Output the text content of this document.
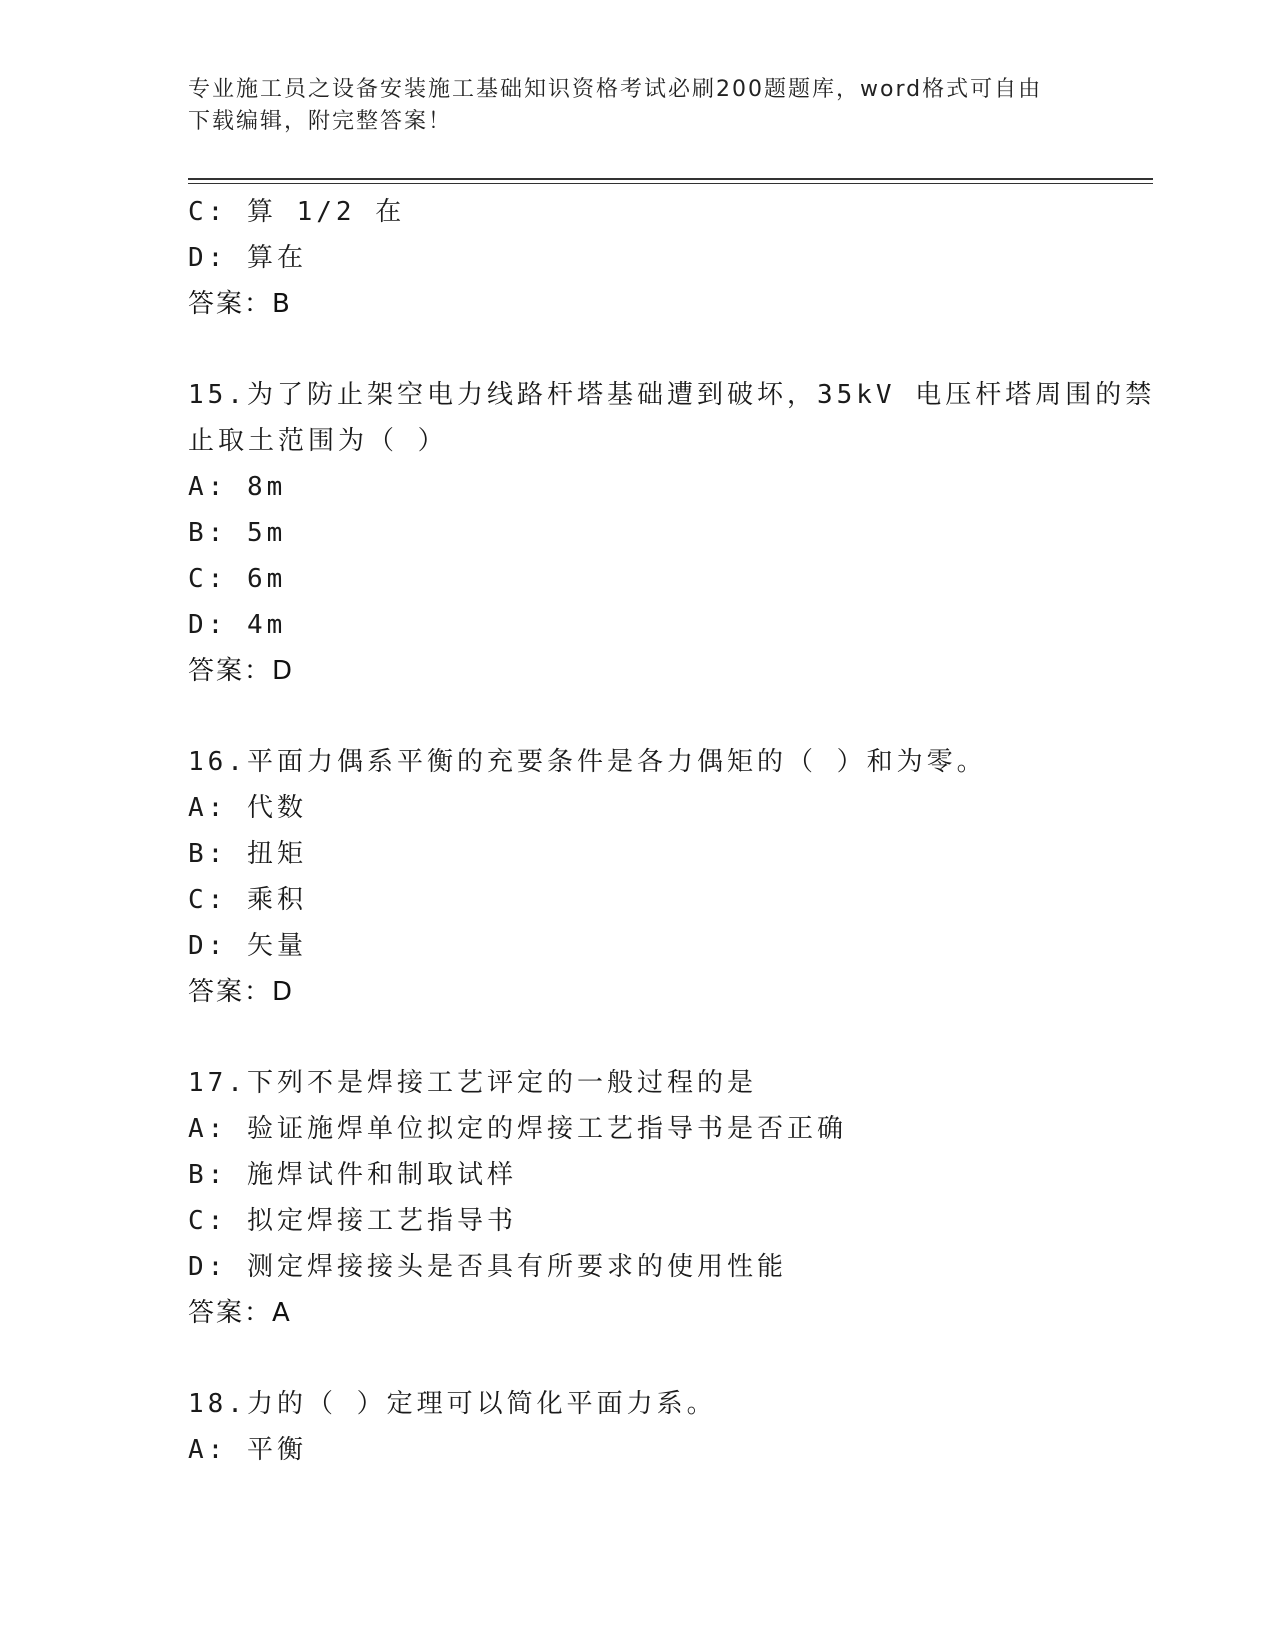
专业施工员之设备安装施工基础知识资格考试必刷200题题库，word格式可自由
下载编辑，附完整答案！
C: 算 1/2 在
D: 算在
答案：B
15.为了防止架空电力线路杆塔基础遭到破坏，35kV 电压杆塔周围的禁
止取土范围为（ ）
A: 8m
B: 5m
C: 6m
D: 4m
答案：D
16.平面力偶系平衡的充要条件是各力偶矩的（ ）和为零。
A: 代数
B: 扭矩
C: 乘积
D: 矢量
答案：D
17.下列不是焊接工艺评定的一般过程的是
A: 验证施焊单位拟定的焊接工艺指导书是否正确
B: 施焊试件和制取试样
C: 拟定焊接工艺指导书
D: 测定焊接接头是否具有所要求的使用性能
答案：A
18.力的（ ）定理可以简化平面力系。
A: 平衡
